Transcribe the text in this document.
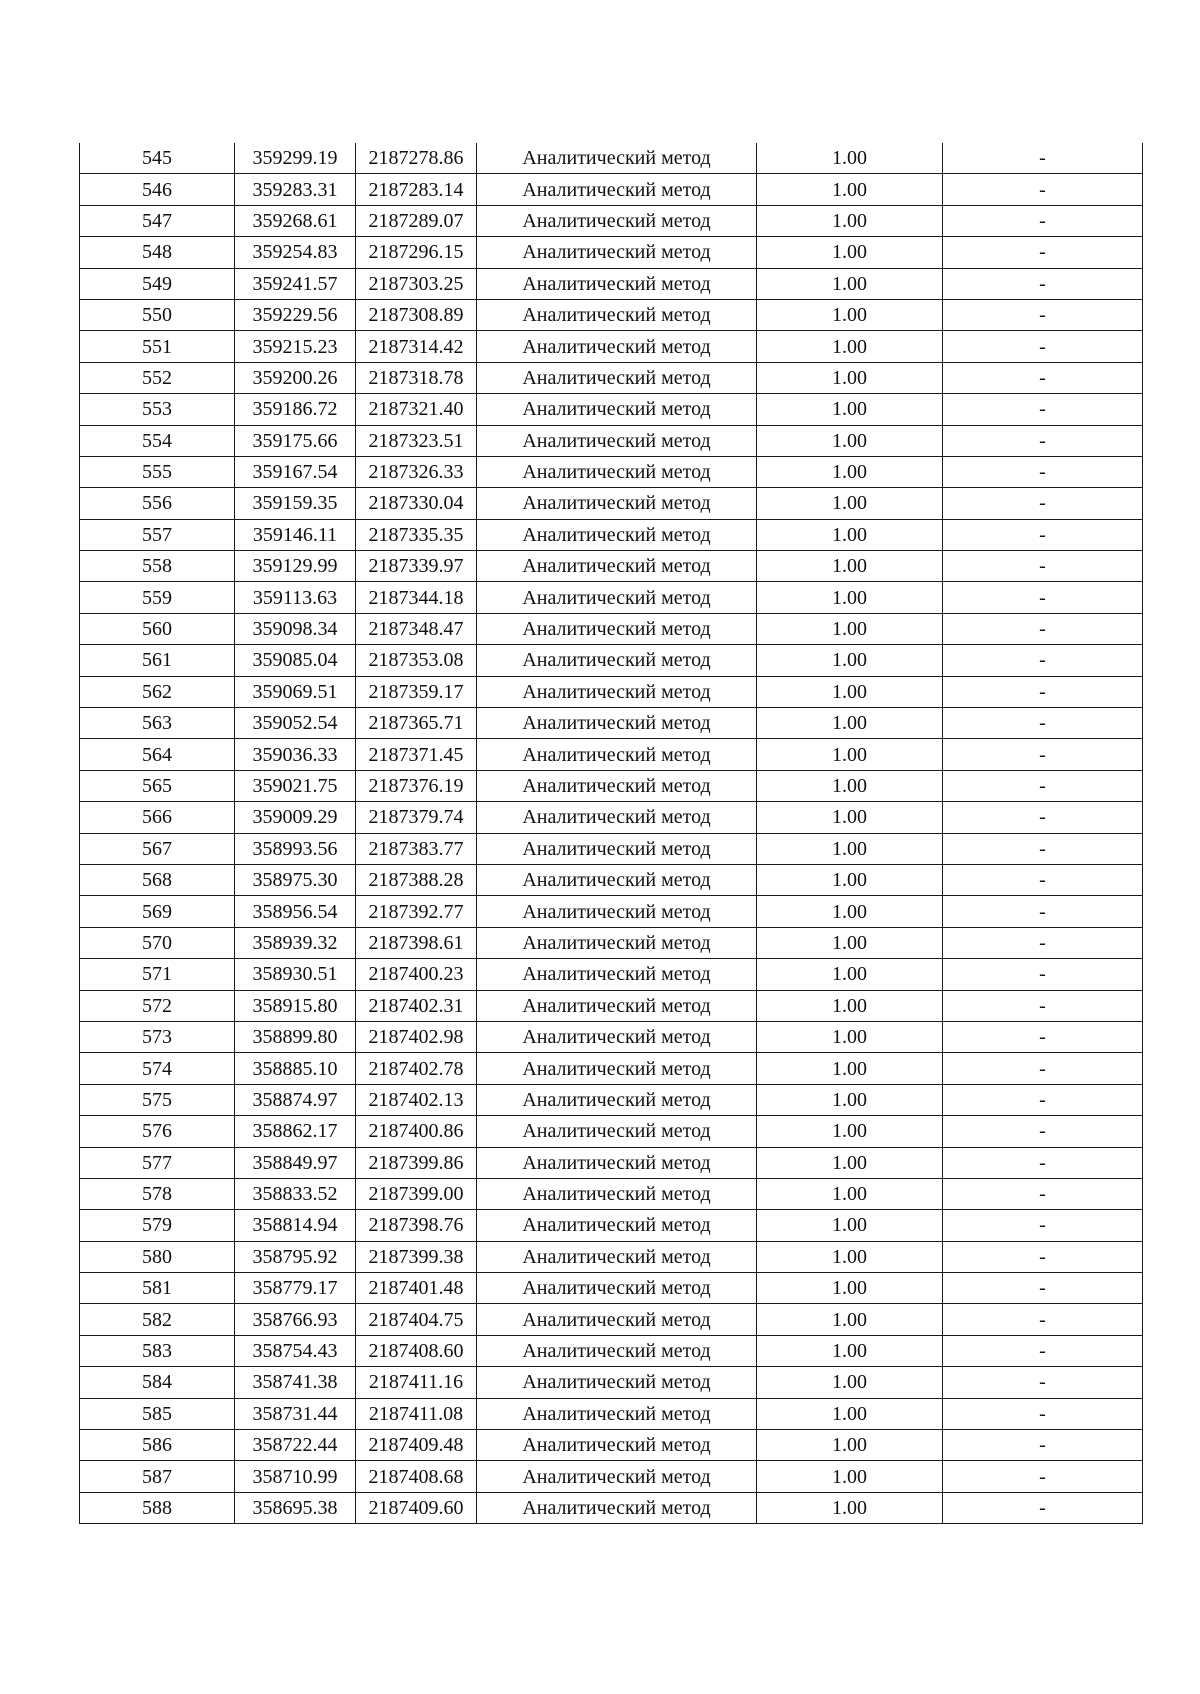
545	359299.19	2187278.86	Аналитический метод	1.00	-
546	359283.31	2187283.14	Аналитический метод	1.00	-
547	359268.61	2187289.07	Аналитический метод	1.00	-
548	359254.83	2187296.15	Аналитический метод	1.00	-
549	359241.57	2187303.25	Аналитический метод	1.00	-
550	359229.56	2187308.89	Аналитический метод	1.00	-
551	359215.23	2187314.42	Аналитический метод	1.00	-
552	359200.26	2187318.78	Аналитический метод	1.00	-
553	359186.72	2187321.40	Аналитический метод	1.00	-
554	359175.66	2187323.51	Аналитический метод	1.00	-
555	359167.54	2187326.33	Аналитический метод	1.00	-
556	359159.35	2187330.04	Аналитический метод	1.00	-
557	359146.11	2187335.35	Аналитический метод	1.00	-
558	359129.99	2187339.97	Аналитический метод	1.00	-
559	359113.63	2187344.18	Аналитический метод	1.00	-
560	359098.34	2187348.47	Аналитический метод	1.00	-
561	359085.04	2187353.08	Аналитический метод	1.00	-
562	359069.51	2187359.17	Аналитический метод	1.00	-
563	359052.54	2187365.71	Аналитический метод	1.00	-
564	359036.33	2187371.45	Аналитический метод	1.00	-
565	359021.75	2187376.19	Аналитический метод	1.00	-
566	359009.29	2187379.74	Аналитический метод	1.00	-
567	358993.56	2187383.77	Аналитический метод	1.00	-
568	358975.30	2187388.28	Аналитический метод	1.00	-
569	358956.54	2187392.77	Аналитический метод	1.00	-
570	358939.32	2187398.61	Аналитический метод	1.00	-
571	358930.51	2187400.23	Аналитический метод	1.00	-
572	358915.80	2187402.31	Аналитический метод	1.00	-
573	358899.80	2187402.98	Аналитический метод	1.00	-
574	358885.10	2187402.78	Аналитический метод	1.00	-
575	358874.97	2187402.13	Аналитический метод	1.00	-
576	358862.17	2187400.86	Аналитический метод	1.00	-
577	358849.97	2187399.86	Аналитический метод	1.00	-
578	358833.52	2187399.00	Аналитический метод	1.00	-
579	358814.94	2187398.76	Аналитический метод	1.00	-
580	358795.92	2187399.38	Аналитический метод	1.00	-
581	358779.17	2187401.48	Аналитический метод	1.00	-
582	358766.93	2187404.75	Аналитический метод	1.00	-
583	358754.43	2187408.60	Аналитический метод	1.00	-
584	358741.38	2187411.16	Аналитический метод	1.00	-
585	358731.44	2187411.08	Аналитический метод	1.00	-
586	358722.44	2187409.48	Аналитический метод	1.00	-
587	358710.99	2187408.68	Аналитический метод	1.00	-
588	358695.38	2187409.60	Аналитический метод	1.00	-
